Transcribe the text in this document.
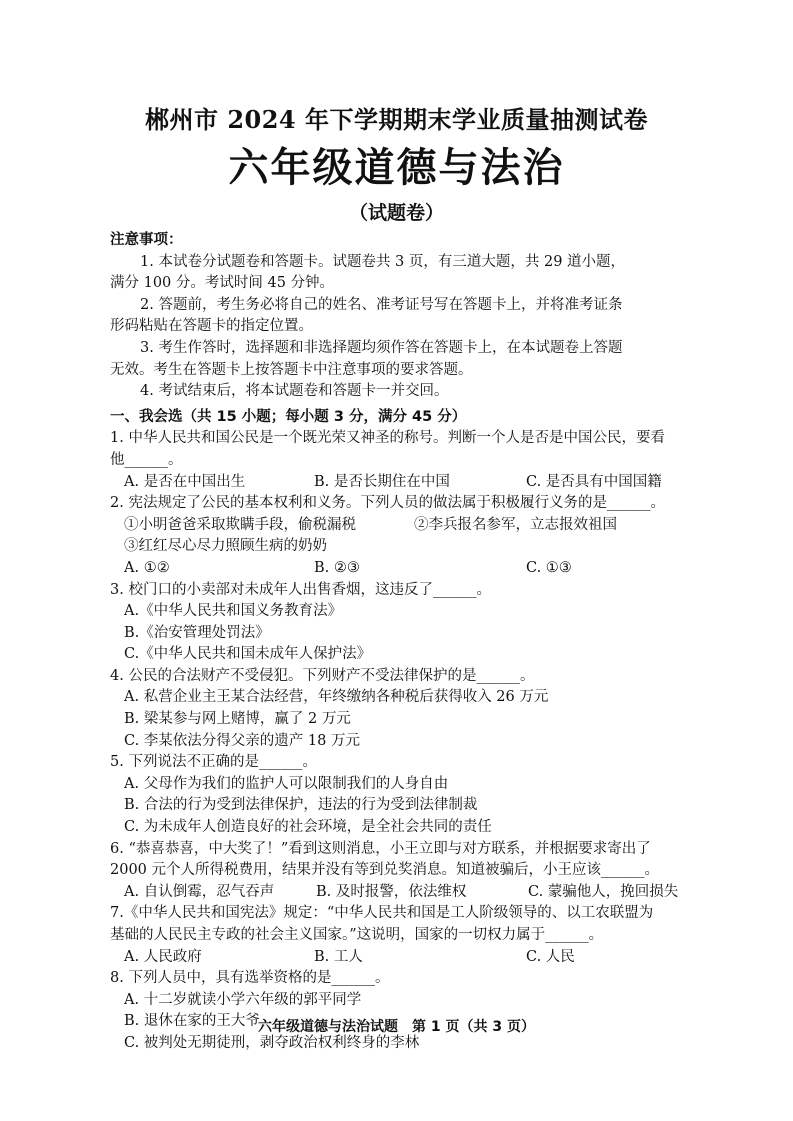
郴州市 2024 年下学期期末学业质量抽测试卷
六年级道德与法治
（试题卷）
注意事项：
1. 本试卷分试题卷和答题卡。试题卷共 3 页，有三道大题，共 29 道小题，
满分 100 分。考试时间 45 分钟。
2. 答题前，考生务必将自己的姓名、准考证号写在答题卡上，并将准考证条
形码粘贴在答题卡的指定位置。
3. 考生作答时，选择题和非选择题均须作答在答题卡上，在本试题卷上答题
无效。考生在答题卡上按答题卡中注意事项的要求答题。
4. 考试结束后，将本试题卷和答题卡一并交回。
一、我会选（共 15 小题；每小题 3 分，满分 45 分）
1. 中华人民共和国公民是一个既光荣又神圣的称号。判断一个人是否是中国公民，要看
他______。
A. 是否在中国出生	B. 是否长期住在中国	C. 是否具有中国国籍
2. 宪法规定了公民的基本权利和义务。下列人员的做法属于积极履行义务的是______。
①小明爸爸采取欺瞒手段，偷税漏税	②李兵报名参军，立志报效祖国
③红红尽心尽力照顾生病的奶奶
A. ①②	B. ②③	C. ①③
3. 校门口的小卖部对未成年人出售香烟，这违反了______。
A.《中华人民共和国义务教育法》
B.《治安管理处罚法》
C.《中华人民共和国未成年人保护法》
4. 公民的合法财产不受侵犯。下列财产不受法律保护的是______。
A. 私营企业主王某合法经营，年终缴纳各种税后获得收入 26 万元
B. 梁某参与网上赌博，赢了 2 万元
C. 李某依法分得父亲的遗产 18 万元
5. 下列说法不正确的是______。
A. 父母作为我们的监护人可以限制我们的人身自由
B. 合法的行为受到法律保护，违法的行为受到法律制裁
C. 为未成年人创造良好的社会环境，是全社会共同的责任
6. “恭喜恭喜，中大奖了！”看到这则消息，小王立即与对方联系，并根据要求寄出了
2000 元个人所得税费用，结果并没有等到兑奖消息。知道被骗后，小王应该______。
A. 自认倒霉，忍气吞声	B. 及时报警，依法维权	C. 蒙骗他人，挽回损失
7.《中华人民共和国宪法》规定：“中华人民共和国是工人阶级领导的、以工农联盟为
基础的人民民主专政的社会主义国家。”这说明，国家的一切权力属于______。
A. 人民政府	B. 工人	C. 人民
8. 下列人员中，具有选举资格的是______。
A. 十二岁就读小学六年级的郭平同学
B. 退休在家的王大爷
C. 被判处无期徒刑，剥夺政治权利终身的李林
六年级道德与法治试题　第 1 页（共 3 页）
